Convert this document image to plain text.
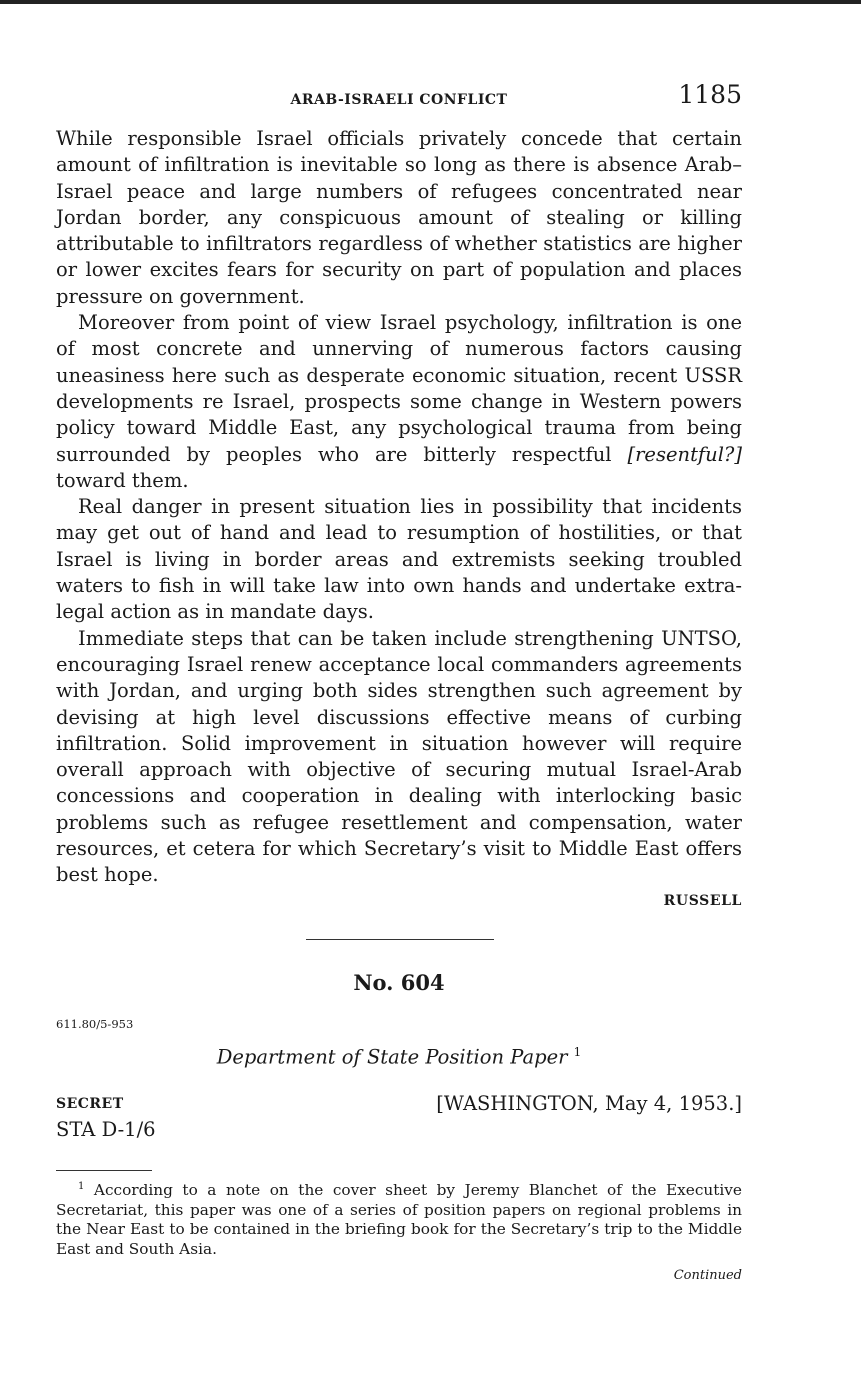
ARAB-ISRAELI CONFLICT	1185

While responsible Israel officials privately concede that certain amount of infiltration is inevitable so long as there is absence Arab–Israel peace and large numbers of refugees concentrated near Jordan border, any conspicuous amount of stealing or killing attributable to infiltrators regardless of whether statistics are higher or lower excites fears for security on part of population and places pressure on government.

Moreover from point of view Israel psychology, infiltration is one of most concrete and unnerving of numerous factors causing uneasiness here such as desperate economic situation, recent USSR developments re Israel, prospects some change in Western powers policy toward Middle East, any psychological trauma from being surrounded by peoples who are bitterly respectful [resentful?] toward them.

Real danger in present situation lies in possibility that incidents may get out of hand and lead to resumption of hostilities, or that Israel is living in border areas and extremists seeking troubled waters to fish in will take law into own hands and undertake extra-legal action as in mandate days.

Immediate steps that can be taken include strengthening UNTSO, encouraging Israel renew acceptance local commanders agreements with Jordan, and urging both sides strengthen such agreement by devising at high level discussions effective means of curbing infiltration. Solid improvement in situation however will require overall approach with objective of securing mutual Israel-Arab concessions and cooperation in dealing with interlocking basic problems such as refugee resettlement and compensation, water resources, et cetera for which Secretary’s visit to Middle East offers best hope.

RUSSELL
No. 604
611.80/5-953
Department of State Position Paper $^1$
SECRET
STA D-1/6
[WASHINGTON, May 4, 1953.]

$^1$ According to a note on the cover sheet by Jeremy Blanchet of the Executive Secretariat, this paper was one of a series of position papers on regional problems in the Near East to be contained in the briefing book for the Secretary’s trip to the Middle East and South Asia.

Continued
